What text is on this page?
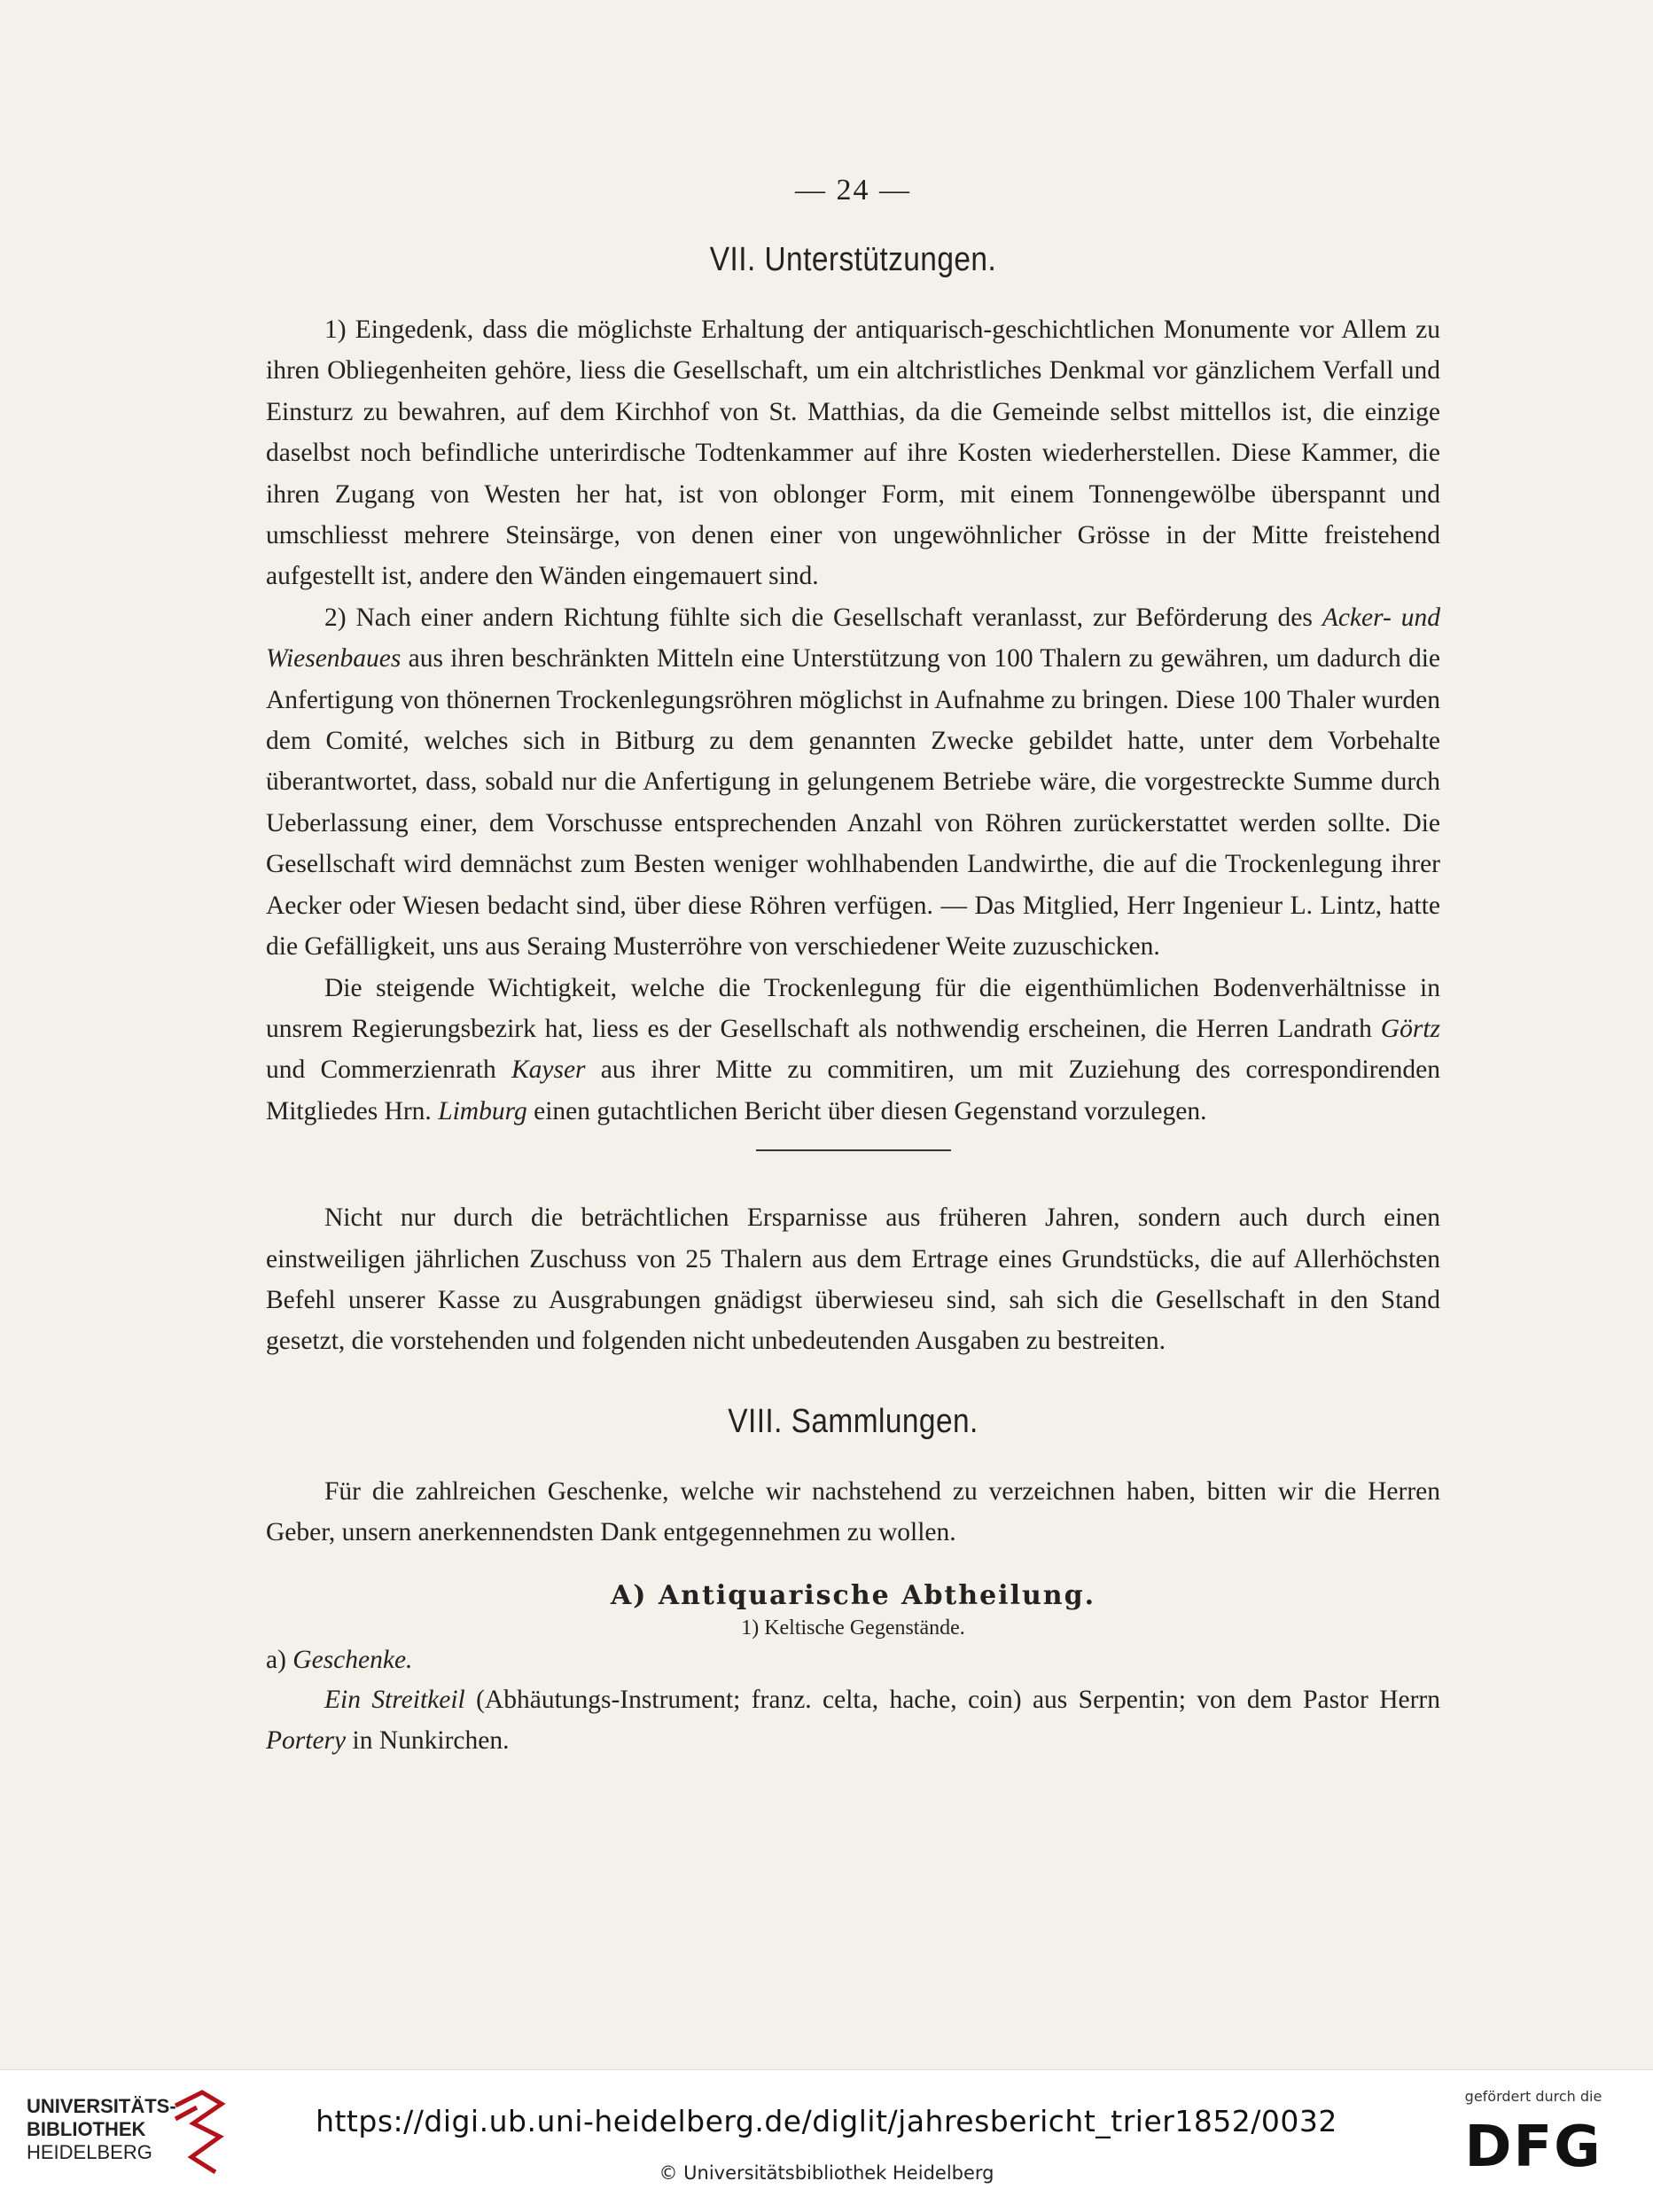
— 24 —
VII. Unterstützungen.

1) Eingedenk, dass die möglichste Erhaltung der antiquarisch-geschichtlichen Monumente vor Allem zu ihren Obliegenheiten gehöre, liess die Gesellschaft, um ein altchristliches Denkmal vor gänzlichem Verfall und Einsturz zu bewahren, auf dem Kirchhof von St. Matthias, da die Gemeinde selbst mittellos ist, die einzige daselbst noch befindliche unterirdische Todtenkammer auf ihre Kosten wiederherstellen. Diese Kammer, die ihren Zugang von Westen her hat, ist von oblonger Form, mit einem Tonnengewölbe überspannt und umschliesst mehrere Steinsärge, von denen einer von ungewöhnlicher Grösse in der Mitte freistehend aufgestellt ist, andere den Wänden eingemauert sind.

2) Nach einer andern Richtung fühlte sich die Gesellschaft veranlasst, zur Beförderung des Acker- und Wiesenbaues aus ihren beschränkten Mitteln eine Unterstützung von 100 Thalern zu gewähren, um dadurch die Anfertigung von thönernen Trockenlegungsröhren möglichst in Aufnahme zu bringen. Diese 100 Thaler wurden dem Comité, welches sich in Bitburg zu dem genannten Zwecke gebildet hatte, unter dem Vorbehalte überantwortet, dass, sobald nur die Anfertigung in gelungenem Betriebe wäre, die vorgestreckte Summe durch Ueberlassung einer, dem Vorschusse entsprechenden Anzahl von Röhren zurückerstattet werden sollte. Die Gesellschaft wird demnächst zum Besten weniger wohlhabenden Landwirthe, die auf die Trockenlegung ihrer Aecker oder Wiesen bedacht sind, über diese Röhren verfügen. — Das Mitglied, Herr Ingenieur L. Lintz, hatte die Gefälligkeit, uns aus Seraing Musterröhre von verschiedener Weite zuzuschicken.

Die steigende Wichtigkeit, welche die Trockenlegung für die eigenthümlichen Bodenverhältnisse in unsrem Regierungsbezirk hat, liess es der Gesellschaft als nothwendig erscheinen, die Herren Landrath Görtz und Commerzienrath Kayser aus ihrer Mitte zu commitiren, um mit Zuziehung des correspondirenden Mitgliedes Hrn. Limburg einen gutachtlichen Bericht über diesen Gegenstand vorzulegen.

Nicht nur durch die beträchtlichen Ersparnisse aus früheren Jahren, sondern auch durch einen einstweiligen jährlichen Zuschuss von 25 Thalern aus dem Ertrage eines Grundstücks, die auf Allerhöchsten Befehl unserer Kasse zu Ausgrabungen gnädigst überwieseu sind, sah sich die Gesellschaft in den Stand gesetzt, die vorstehenden und folgenden nicht unbedeutenden Ausgaben zu bestreiten.

VIII. Sammlungen.

Für die zahlreichen Geschenke, welche wir nachstehend zu verzeichnen haben, bitten wir die Herren Geber, unsern anerkennendsten Dank entgegennehmen zu wollen.

A) Antiquarische Abtheilung.
1) Keltische Gegenstände.
a) Geschenke.

Ein Streitkeil (Abhäutungs-Instrument; franz. celta, hache, coin) aus Serpentin; von dem Pastor Herrn Portery in Nunkirchen.

UNIVERSITÄTS-
BIBLIOTHEK
HEIDELBERG
https://digi.ub.uni-heidelberg.de/diglit/jahresbericht_trier1852/0032
© Universitätsbibliothek Heidelberg
gefördert durch die
DFG
